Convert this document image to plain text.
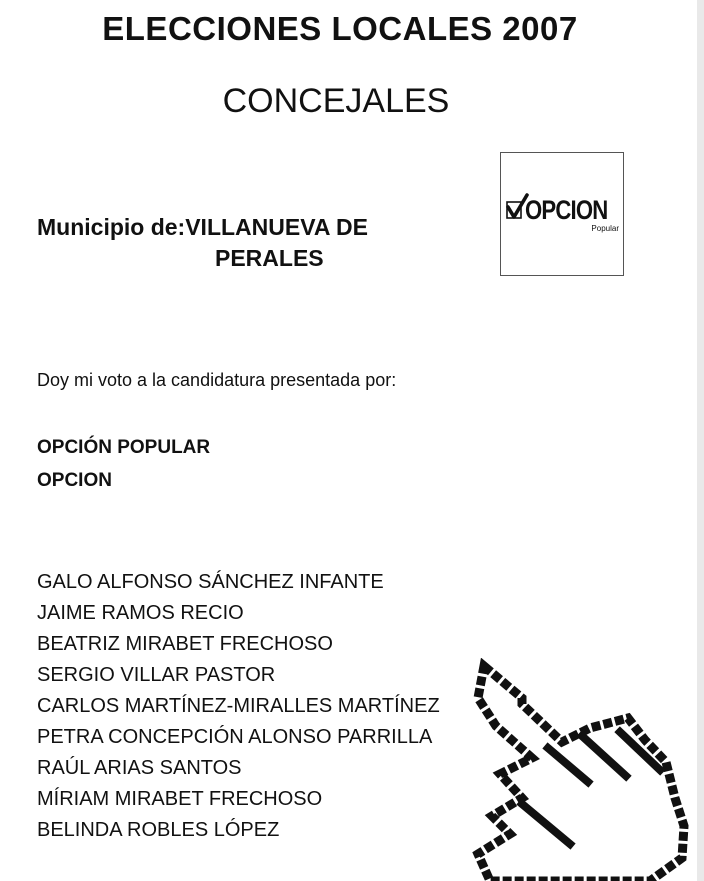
ELECCIONES LOCALES 2007
CONCEJALES
Municipio de:VILLANUEVA DE
PERALES
OPCION
Popular
Doy mi voto a la candidatura presentada por:
OPCIÓN POPULAR
OPCION
GALO ALFONSO SÁNCHEZ INFANTE
JAIME RAMOS RECIO
BEATRIZ MIRABET FRECHOSO
SERGIO VILLAR PASTOR
CARLOS MARTÍNEZ-MIRALLES MARTÍNEZ
PETRA CONCEPCIÓN ALONSO PARRILLA
RAÚL ARIAS SANTOS
MÍRIAM MIRABET FRECHOSO
BELINDA ROBLES LÓPEZ
